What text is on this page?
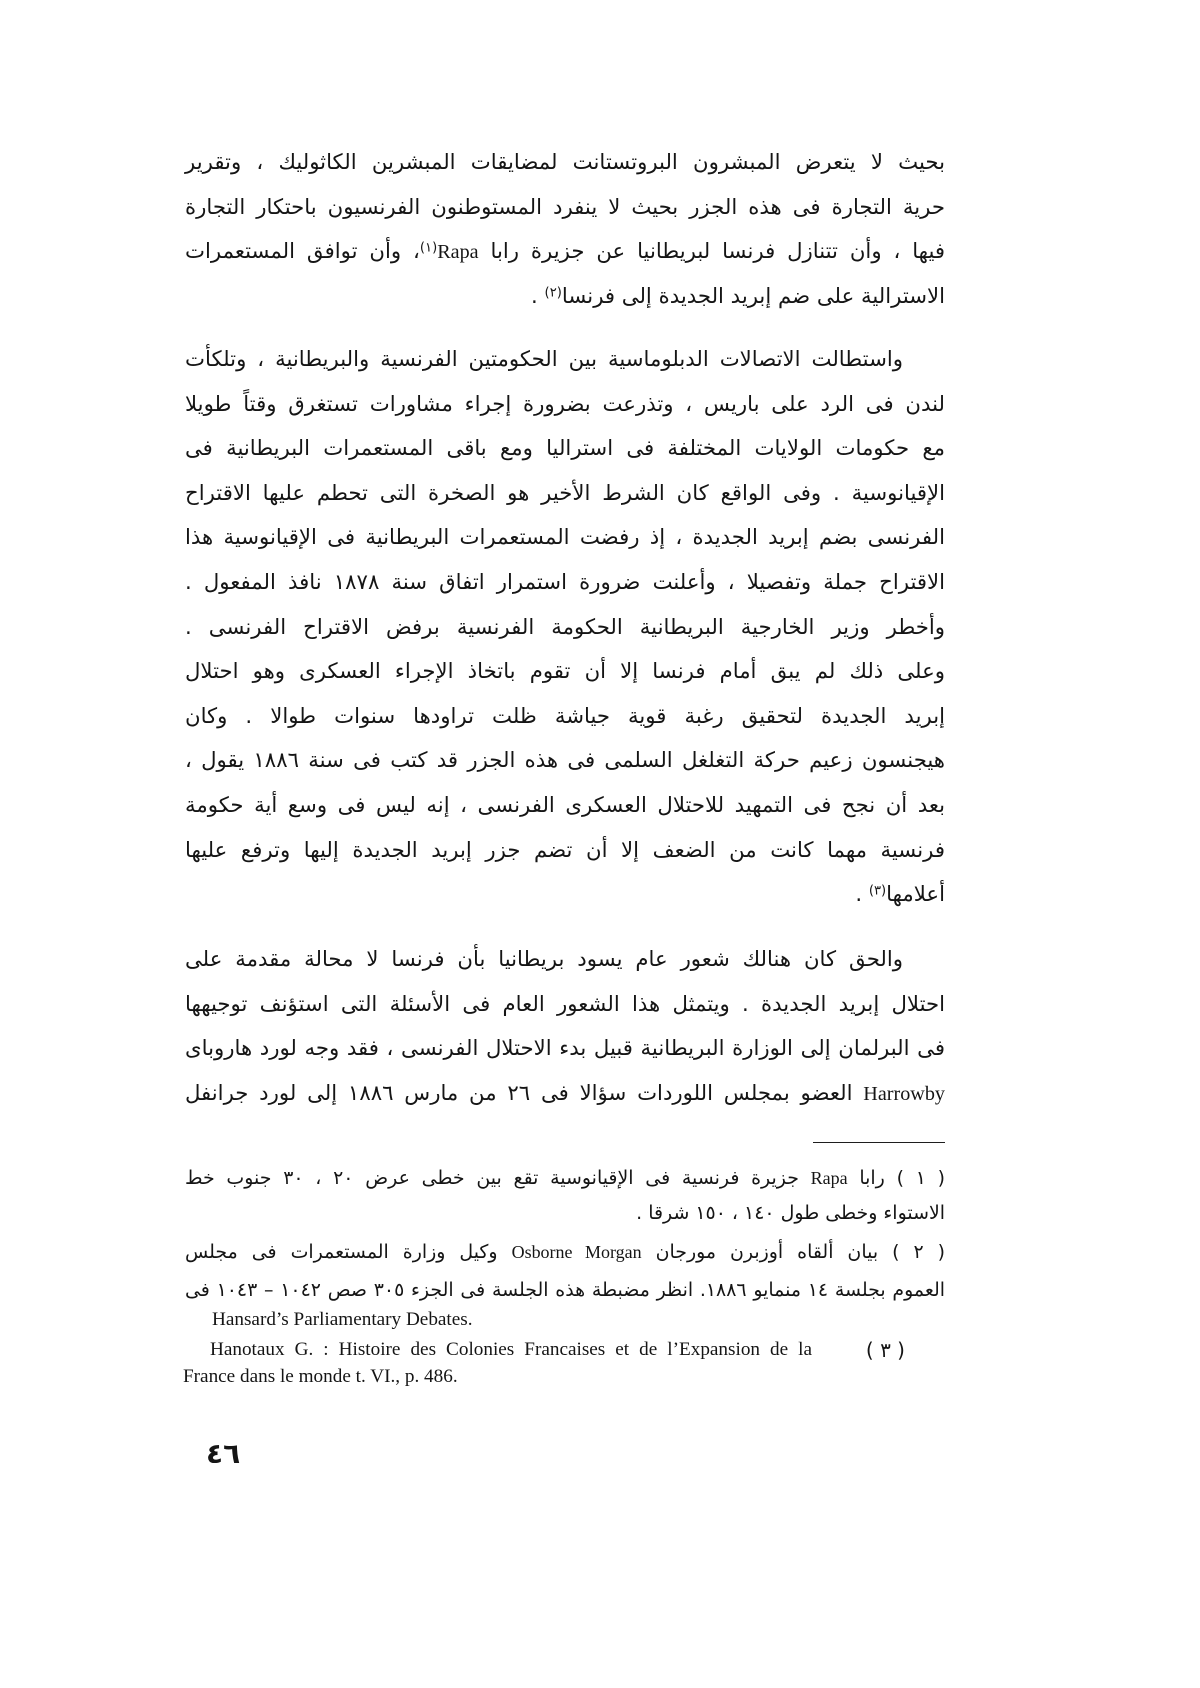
بحيث لا يتعرض المبشرون البروتستانت لمضايقات المبشرين الكاثوليك ، وتقرير
حرية التجارة فى هذه الجزر بحيث لا ينفرد المستوطنون الفرنسيون باحتكار التجارة
فيها ، وأن تتنازل فرنسا لبريطانيا عن جزيرة رابا Rapa$^{(١)}$، وأن توافق المستعمرات
الاسترالية على ضم إبريد الجديدة إلى فرنسا$^{(٢)}$ .
واستطالت الاتصالات الدبلوماسية بين الحكومتين الفرنسية والبريطانية ، وتلكأت
لندن فى الرد على باريس ، وتذرعت بضرورة إجراء مشاورات تستغرق وقتاً طويلا
مع حكومات الولايات المختلفة فى استراليا ومع باقى المستعمرات البريطانية فى
الإقيانوسية . وفى الواقع كان الشرط الأخير هو الصخرة التى تحطم عليها الاقتراح
الفرنسى بضم إبريد الجديدة ، إذ رفضت المستعمرات البريطانية فى الإقيانوسية هذا
الاقتراح جملة وتفصيلا ، وأعلنت ضرورة استمرار اتفاق سنة ١٨٧٨ نافذ المفعول .
وأخطر وزير الخارجية البريطانية الحكومة الفرنسية برفض الاقتراح الفرنسى .
وعلى ذلك لم يبق أمام فرنسا إلا أن تقوم باتخاذ الإجراء العسكرى وهو احتلال
إبريد الجديدة لتحقيق رغبة قوية جياشة ظلت تراودها سنوات طوالا . وكان
هيجنسون زعيم حركة التغلغل السلمى فى هذه الجزر قد كتب فى سنة ١٨٨٦ يقول ،
بعد أن نجح فى التمهيد للاحتلال العسكرى الفرنسى ، إنه ليس فى وسع أية حكومة
فرنسية مهما كانت من الضعف إلا أن تضم جزر إبريد الجديدة إليها وترفع عليها
أعلامها$^{(٣)}$ .
والحق كان هنالك شعور عام يسود بريطانيا بأن فرنسا لا محالة مقدمة على
احتلال إبريد الجديدة . ويتمثل هذا الشعور العام فى الأسئلة التى استؤنف توجيهها
فى البرلمان إلى الوزارة البريطانية قبيل بدء الاحتلال الفرنسى ، فقد وجه لورد هاروباى
Harrowby العضو بمجلس اللوردات سؤالا فى ٢٦ من مارس ١٨٨٦ إلى لورد جرانفل
( ١ ) رابا Rapa جزيرة فرنسية فى الإقيانوسية تقع بين خطى عرض ٢٠ ، ٣٠ جنوب خط
الاستواء وخطى طول ١٤٠ ، ١٥٠ شرقا .
( ٢ ) بيان ألقاه أوزبرن مورجان Osborne Morgan وكيل وزارة المستعمرات فى مجلس
العموم بجلسة ١٤ منمايو ١٨٨٦. انظر مضبطة هذه الجلسة فى الجزء ٣٠٥ صص ١٠٤٢ – ١٠٤٣ فى
Hansard’s Parliamentary Debates.
( ٣ )
Hanotaux G. : Histoire des Colonies Francaises et de l’Expansion de la
France dans le monde t. VI., p. 486.
٤٦
